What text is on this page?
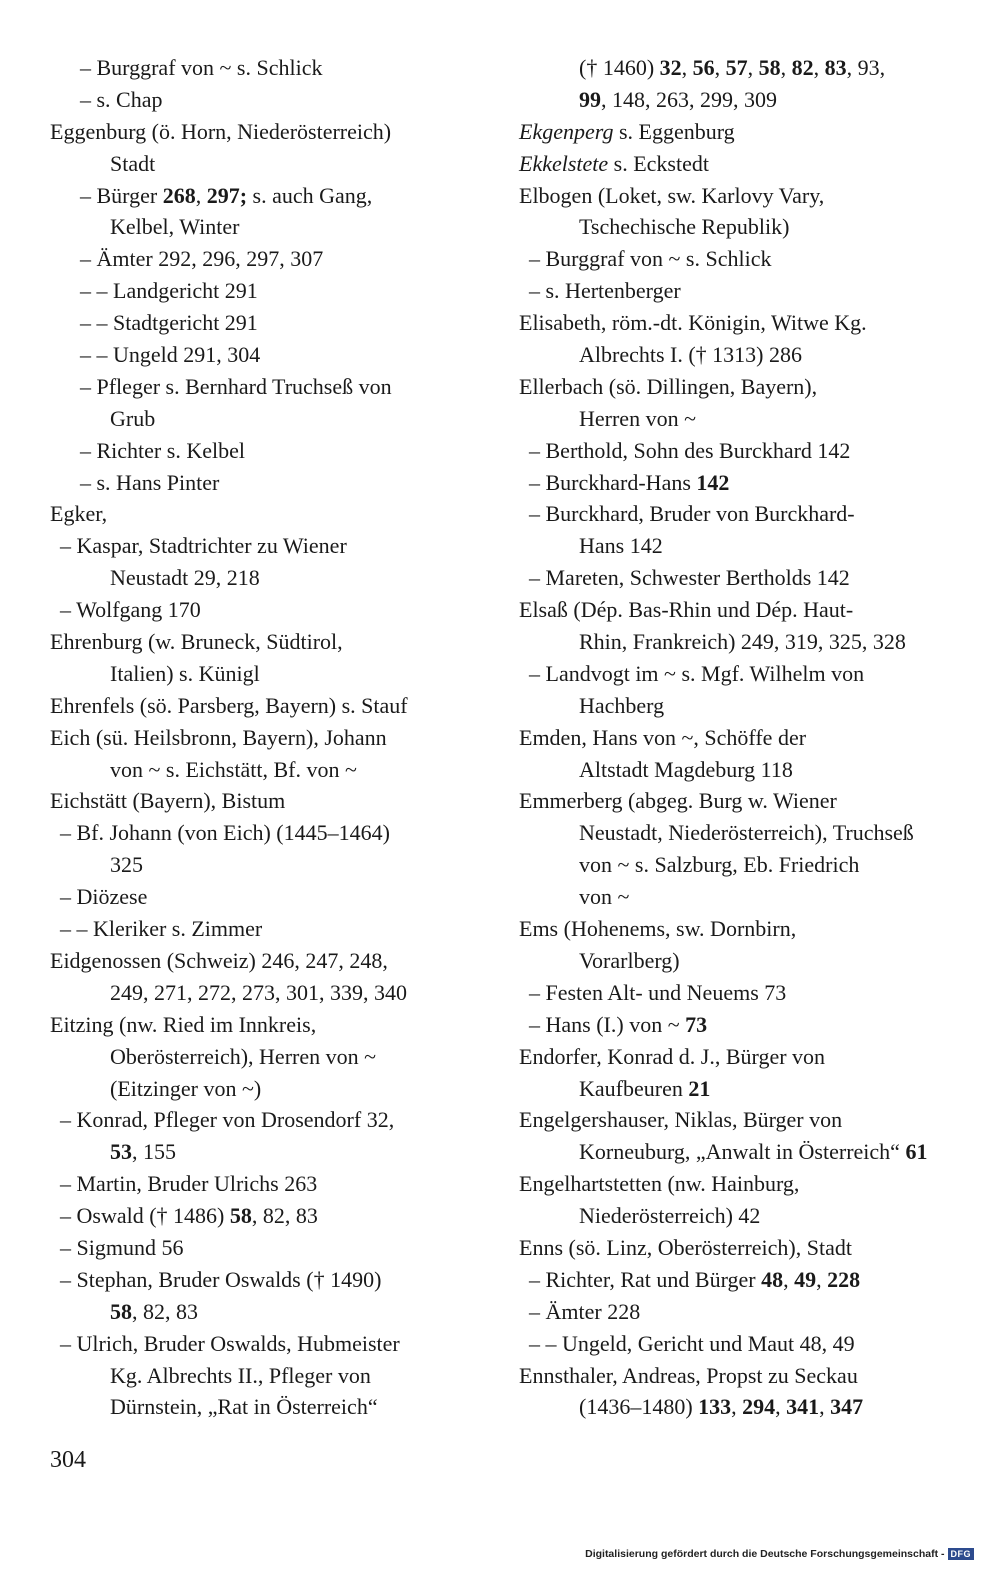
– Burggraf von ~ s. Schlick
– s. Chap
Eggenburg (ö. Horn, Niederösterreich)
Stadt
– Bürger 268, 297; s. auch Gang,
Kelbel, Winter
– Ämter 292, 296, 297, 307
– – Landgericht 291
– – Stadtgericht 291
– – Ungeld 291, 304
– Pfleger s. Bernhard Truchseß von
Grub
– Richter s. Kelbel
– s. Hans Pinter
Egker,
– Kaspar, Stadtrichter zu Wiener
Neustadt 29, 218
– Wolfgang 170
Ehrenburg (w. Bruneck, Südtirol,
Italien) s. Künigl
Ehrenfels (sö. Parsberg, Bayern) s. Stauf
Eich (sü. Heilsbronn, Bayern), Johann
von ~ s. Eichstätt, Bf. von ~
Eichstätt (Bayern), Bistum
– Bf. Johann (von Eich) (1445–1464)
325
– Diözese
– – Kleriker s. Zimmer
Eidgenossen (Schweiz) 246, 247, 248,
249, 271, 272, 273, 301, 339, 340
Eitzing (nw. Ried im Innkreis,
Oberösterreich), Herren von ~
(Eitzinger von ~)
– Konrad, Pfleger von Drosendorf 32,
53, 155
– Martin, Bruder Ulrichs 263
– Oswald († 1486) 58, 82, 83
– Sigmund 56
– Stephan, Bruder Oswalds († 1490)
58, 82, 83
– Ulrich, Bruder Oswalds, Hubmeister
Kg. Albrechts II., Pfleger von
Dürnstein, „Rat in Österreich“
(† 1460) 32, 56, 57, 58, 82, 83, 93,
99, 148, 263, 299, 309
Ekgenperg s. Eggenburg
Ekkelstete s. Eckstedt
Elbogen (Loket, sw. Karlovy Vary,
Tschechische Republik)
– Burggraf von ~ s. Schlick
– s. Hertenberger
Elisabeth, röm.-dt. Königin, Witwe Kg.
Albrechts I. († 1313) 286
Ellerbach (sö. Dillingen, Bayern),
Herren von ~
– Berthold, Sohn des Burckhard 142
– Burckhard-Hans 142
– Burckhard, Bruder von Burckhard-
Hans 142
– Mareten, Schwester Bertholds 142
Elsaß (Dép. Bas-Rhin und Dép. Haut-
Rhin, Frankreich) 249, 319, 325, 328
– Landvogt im ~ s. Mgf. Wilhelm von
Hachberg
Emden, Hans von ~, Schöffe der
Altstadt Magdeburg 118
Emmerberg (abgeg. Burg w. Wiener
Neustadt, Niederösterreich), Truchseß
von ~ s. Salzburg, Eb. Friedrich
von ~
Ems (Hohenems, sw. Dornbirn,
Vorarlberg)
– Festen Alt- und Neuems 73
– Hans (I.) von ~ 73
Endorfer, Konrad d. J., Bürger von
Kaufbeuren 21
Engelgershauser, Niklas, Bürger von
Korneuburg, „Anwalt in Österreich“ 61
Engelhartstetten (nw. Hainburg,
Niederösterreich) 42
Enns (sö. Linz, Oberösterreich), Stadt
– Richter, Rat und Bürger 48, 49, 228
– Ämter 228
– – Ungeld, Gericht und Maut 48, 49
Ennsthaler, Andreas, Propst zu Seckau
(1436–1480) 133, 294, 341, 347
304
Digitalisierung gefördert durch die Deutsche Forschungsgemeinschaft - DFG
